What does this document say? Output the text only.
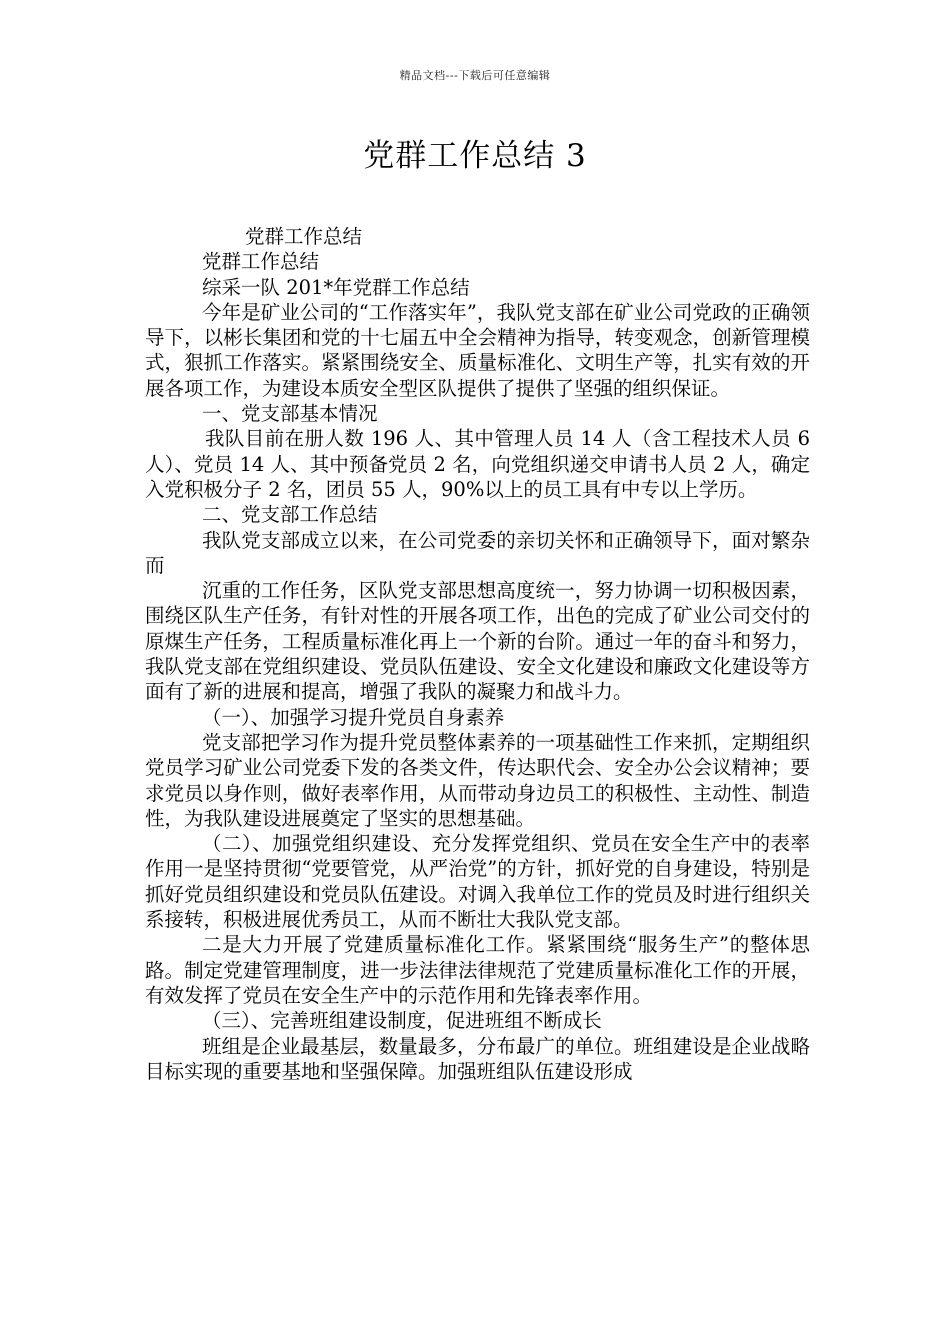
精品文档---下载后可任意编辑
党群工作总结 3

党群工作总结

党群工作总结

综采一队 201*年党群工作总结

今年是矿业公司的“工作落实年”，我队党支部在矿业公司党政的正确领导下，以彬长集团和党的十七届五中全会精神为指导，转变观念，创新管理模式，狠抓工作落实。紧紧围绕安全、质量标准化、文明生产等，扎实有效的开展各项工作，为建设本质安全型区队提供了提供了坚强的组织保证。

一、党支部基本情况

我队目前在册人数 196 人、其中管理人员 14 人（含工程技术人员 6 人）、党员 14 人、其中预备党员 2 名，向党组织递交申请书人员 2 人，确定入党积极分子 2 名，团员 55 人，90%以上的员工具有中专以上学历。

二、党支部工作总结

我队党支部成立以来，在公司党委的亲切关怀和正确领导下，面对繁杂而

沉重的工作任务，区队党支部思想高度统一，努力协调一切积极因素，围绕区队生产任务，有针对性的开展各项工作，出色的完成了矿业公司交付的原煤生产任务，工程质量标准化再上一个新的台阶。通过一年的奋斗和努力，我队党支部在党组织建设、党员队伍建设、安全文化建设和廉政文化建设等方面有了新的进展和提高，增强了我队的凝聚力和战斗力。

（一）、加强学习提升党员自身素养

党支部把学习作为提升党员整体素养的一项基础性工作来抓，定期组织党员学习矿业公司党委下发的各类文件，传达职代会、安全办公会议精神；要求党员以身作则，做好表率作用，从而带动身边员工的积极性、主动性、制造性，为我队建设进展奠定了坚实的思想基础。

（二）、加强党组织建设、充分发挥党组织、党员在安全生产中的表率作用一是坚持贯彻“党要管党，从严治党”的方针，抓好党的自身建设，特别是抓好党员组织建设和党员队伍建设。对调入我单位工作的党员及时进行组织关系接转，积极进展优秀员工，从而不断壮大我队党支部。

二是大力开展了党建质量标准化工作。紧紧围绕“服务生产”的整体思路。制定党建管理制度，进一步法律法律规范了党建质量标准化工作的开展，有效发挥了党员在安全生产中的示范作用和先锋表率作用。

（三）、完善班组建设制度，促进班组不断成长

班组是企业最基层，数量最多，分布最广的单位。班组建设是企业战略目标实现的重要基地和坚强保障。加强班组队伍建设形成
